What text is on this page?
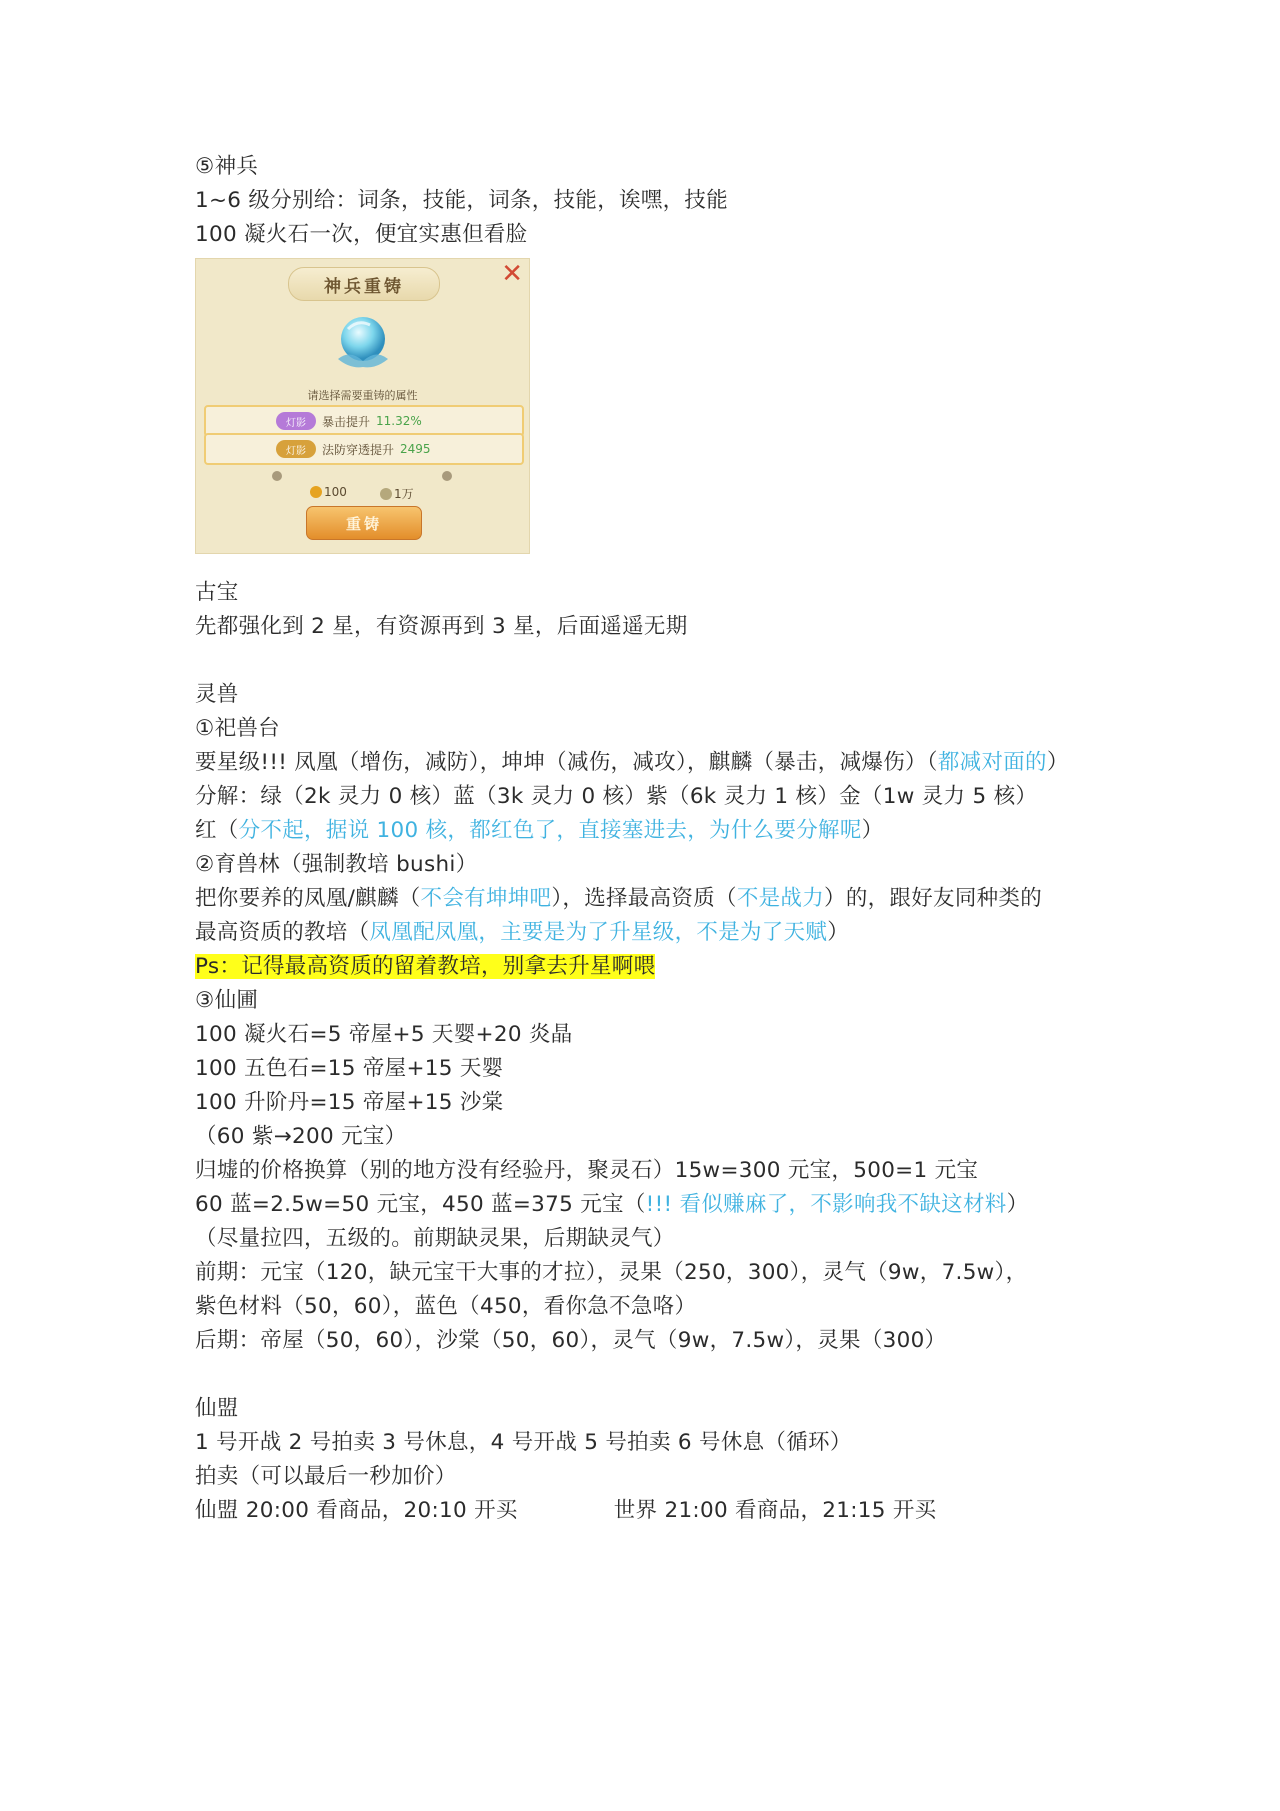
⑤神兵
1~6 级分别给：词条，技能，词条，技能，诶嘿，技能
100 凝火石一次，便宜实惠但看脸
神兵重铸	✕
请选择需要重铸的属性
灯影	暴击提升 11.32%
灯影	法防穿透提升 2495
100	1万
重铸
古宝
先都强化到 2 星，有资源再到 3 星，后面遥遥无期
灵兽
①祀兽台
要星级!!! 凤凰（增伤，减防），坤坤（减伤，减攻），麒麟（暴击，减爆伤）（都减对面的）
分解：绿（2k 灵力 0 核）蓝（3k 灵力 0 核）紫（6k 灵力 1 核）金（1w 灵力 5 核）
红（分不起，据说 100 核，都红色了，直接塞进去，为什么要分解呢）
②育兽林（强制教培 bushi）
把你要养的凤凰/麒麟（不会有坤坤吧），选择最高资质（不是战力）的，跟好友同种类的
最高资质的教培（凤凰配凤凰，主要是为了升星级，不是为了天赋）
Ps：记得最高资质的留着教培，别拿去升星啊喂
③仙圃
100 凝火石=5 帝屋+5 天婴+20 炎晶
100 五色石=15 帝屋+15 天婴
100 升阶丹=15 帝屋+15 沙棠
（60 紫→200 元宝）
归墟的价格换算（别的地方没有经验丹，聚灵石）15w=300 元宝，500=1 元宝
60 蓝=2.5w=50 元宝，450 蓝=375 元宝（!!! 看似赚麻了，不影响我不缺这材料）
（尽量拉四，五级的。前期缺灵果，后期缺灵气）
前期：元宝（120，缺元宝干大事的才拉），灵果（250，300），灵气（9w，7.5w），
紫色材料（50，60），蓝色（450，看你急不急咯）
后期：帝屋（50，60），沙棠（50，60），灵气（9w，7.5w），灵果（300）
仙盟
1 号开战 2 号拍卖 3 号休息，4 号开战 5 号拍卖 6 号休息（循环）
拍卖（可以最后一秒加价）
仙盟 20:00 看商品，20:10 开买	世界 21:00 看商品，21:15 开买
